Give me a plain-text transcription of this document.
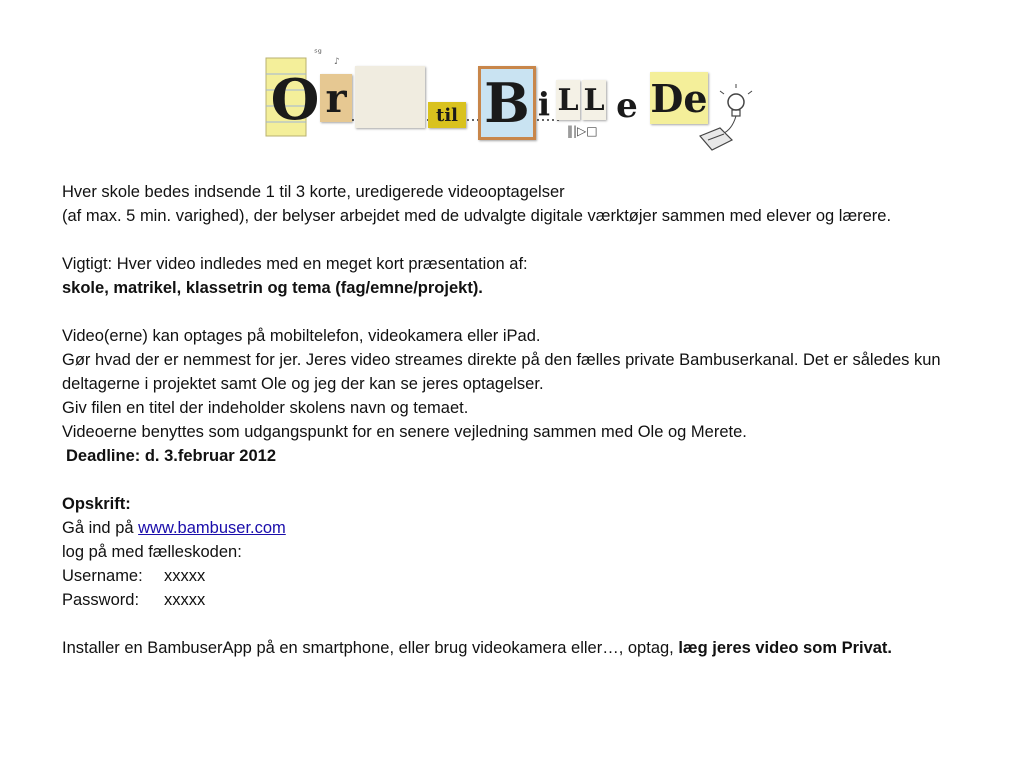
ˢᵍ
♪
‖|▷□
O r	til B i L L e De

Hver skole bedes indsende 1 til 3 korte, uredigerede videooptagelser

(af max. 5 min. varighed), der belyser arbejdet med de udvalgte digitale værktøjer sammen med elever og lærere.

Vigtigt: Hver video indledes med en meget kort præsentation af:

skole, matrikel, klassetrin og tema (fag/emne/projekt).

Video(erne) kan optages på mobiltelefon, videokamera eller iPad.

Gør hvad der er nemmest for jer. Jeres video streames direkte på den fælles private Bambuserkanal. Det er således kun deltagerne i projektet samt Ole og jeg der kan se jeres optagelser.

Giv filen en titel der indeholder skolens navn og temaet.

Videoerne benyttes som udgangspunkt for en senere vejledning sammen med Ole og Merete.

Deadline: d. 3.februar 2012

Opskrift:

Gå ind på www.bambuser.com

log på med fælleskoden:

Username:	xxxxx

Password:	xxxxx

Installer en BambuserApp på en smartphone, eller brug videokamera eller…, optag, læg jeres video som Privat.
